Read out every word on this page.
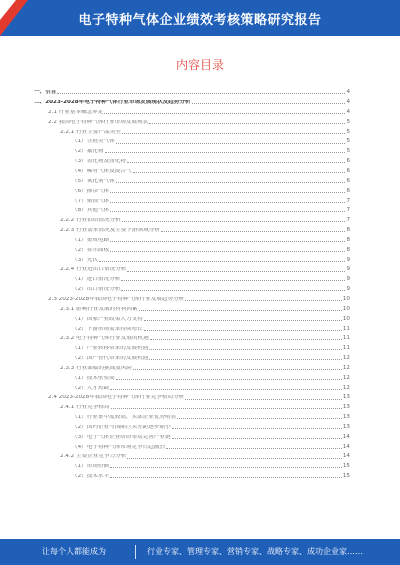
电子特种气体企业绩效考核策略研究报告
内容目录
一、引言	4
二、2023-2028年电子特种气体行业市场发展现状及趋势分析	4
2.1 行业基本概念界定	4
2.2 我国电子特种气体行业市场发展现状	5
2.2.1 行业主要产品类型	5
（1）含硅类气体	5
（2）氟化物	5
（3）氢化物及卤化物	6
（4）稀有气体及混合气	6
（5）氧化剂气体	6
（6）掺杂气体	6
（7）刻蚀气体	7
（8）其他气体	7
2.2.2 行业供给情况分析	7
2.2.3 行业需求情况及主要下游领域分析	8
（1）集成电路	8
（2）显示面板	8
（3）光伏	9
2.2.4 行业进出口情况分析	9
（1）进口情况分析	9
（2）出口情况分析	9
2.3 2023-2028年我国电子特种气体行业发展趋势分析	10
2.3.1 影响行业发展的有利因素	10
（1）国家产业政策大力支持	10
（2）下游市场需求持续增长	11
2.3.2 电子特种气体行业发展的机遇	11
（1）产业转移带来的发展机遇	11
（2）国产替代带来的发展机遇	12
2.3.3 行业面临的挑战及风险	12
（1）技术壁垒高	12
（2）人才短缺	12
2.4 2023-2028年我国电子特种气体行业竞争格局分析	13
2.4.1 行业竞争格局	13
（1）行业集中度较高，头部企业优势明显	13
（2）国内企业与国际巨头差距逐步缩小	13
（3）电子气体企业纷纷布局完善产业链	14
（4）电子特种气体市场竞争日趋激烈	14
2.4.2 主要企业竞争力分析	14
（1）市场份额	15
（2）技术水平	15
让每个人都能成为	行业专家、管理专家、营销专家、战略专家、成功企业家……
